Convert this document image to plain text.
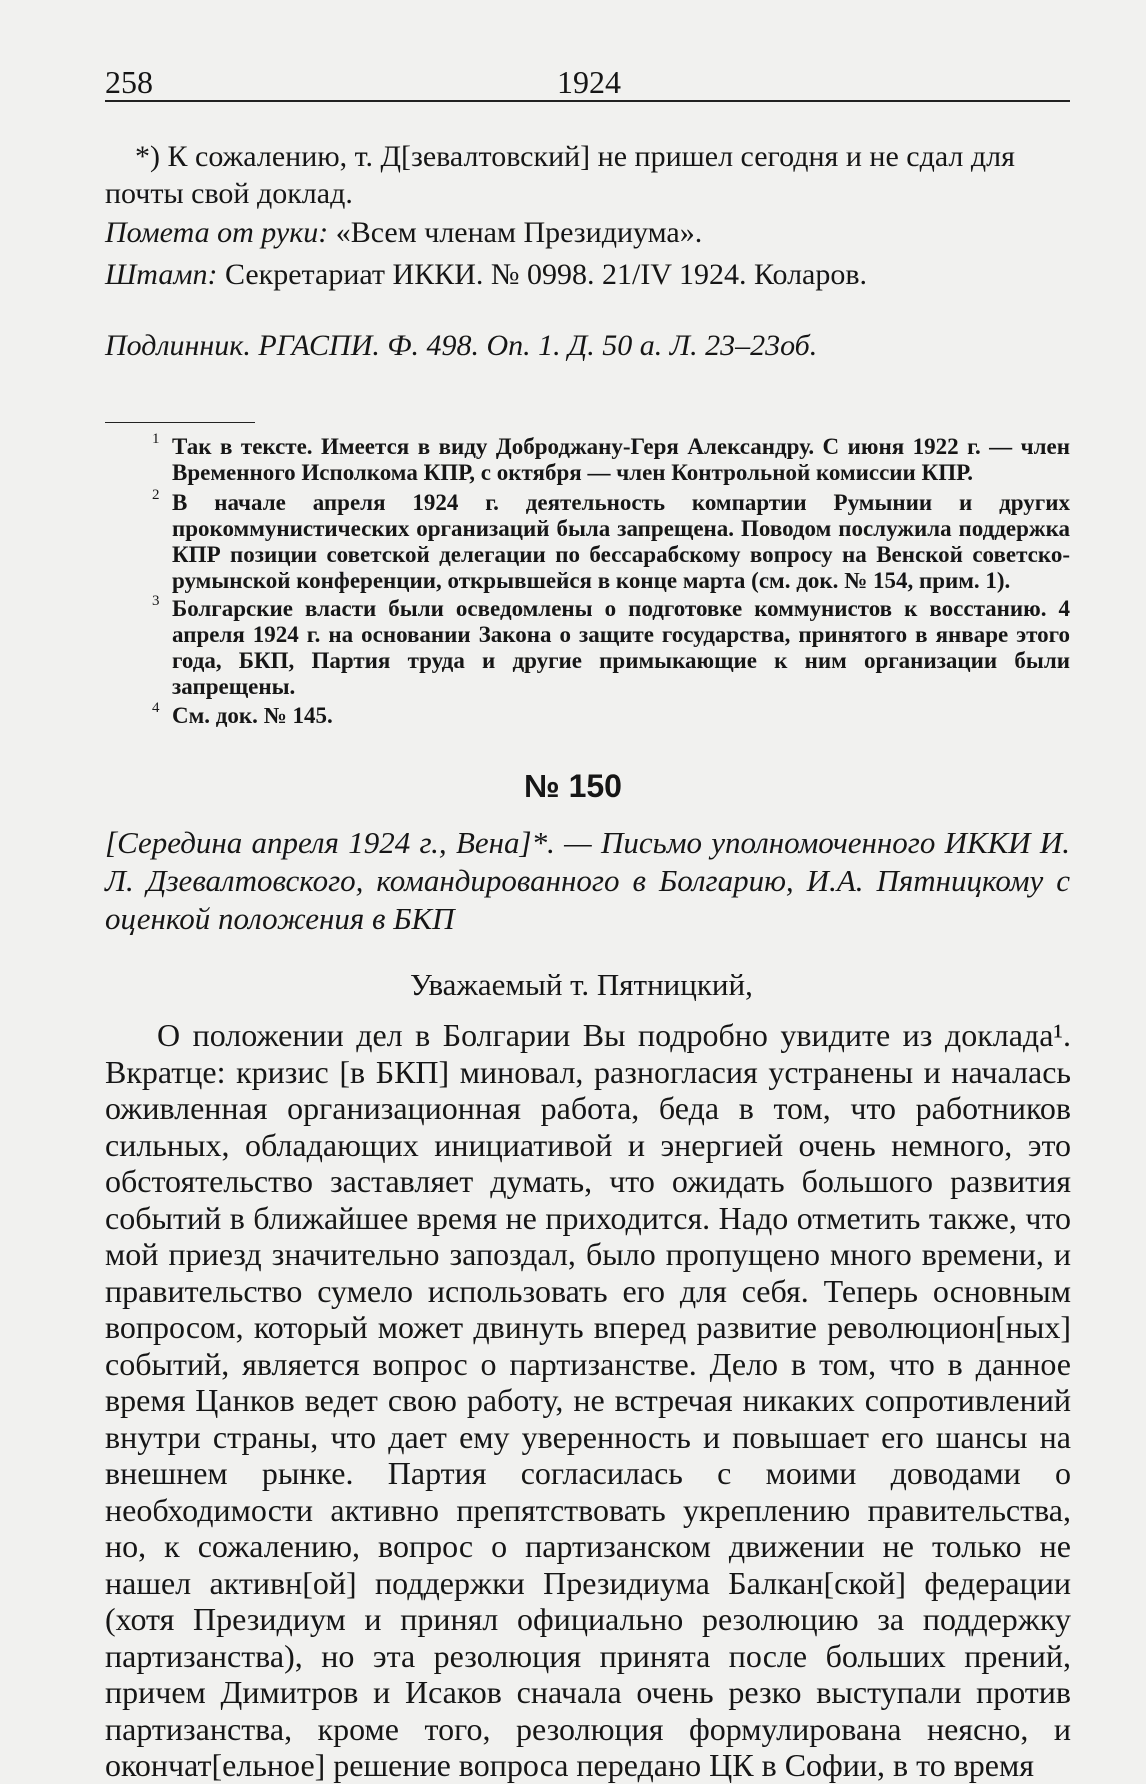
258	1924

*) К сожалению, т. Д[зевалтовский] не пришел сегодня и не сдал для почты свой доклад.

Помета от руки: «Всем членам Президиума».

Штамп: Секретариат ИККИ. № 0998. 21/IV 1924. Коларов.

Подлинник. РГАСПИ. Ф. 498. Оп. 1. Д. 50 а. Л. 23–23об.

1 Так в тексте. Имеется в виду Доброджану-Геря Александру. С июня 1922 г. — член Временного Исполкома КПР, с октября — член Контрольной комиссии КПР.
2 В начале апреля 1924 г. деятельность компартии Румынии и других прокоммунистических организаций была запрещена. Поводом послужила поддержка КПР позиции советской делегации по бессарабскому вопросу на Венской советско-румынской конференции, открывшейся в конце марта (см. док. № 154, прим. 1).
3 Болгарские власти были осведомлены о подготовке коммунистов к восстанию. 4 апреля 1924 г. на основании Закона о защите государства, принятого в январе этого года, БКП, Партия труда и другие примыкающие к ним организации были запрещены.
4 См. док. № 145.
№ 150
[Середина апреля 1924 г., Вена]*. — Письмо уполномоченного ИККИ И. Л. Дзевалтовского, командированного в Болгарию, И.А. Пятницкому с оценкой положения в БКП
Уважаемый т. Пятницкий,

О положении дел в Болгарии Вы подробно увидите из доклада¹. Вкратце: кризис [в БКП] миновал, разногласия устранены и началась оживленная организационная работа, беда в том, что работников сильных, обладающих инициативой и энергией очень немного, это обстоятельство заставляет думать, что ожидать большого развития событий в ближайшее время не приходится. Надо отметить также, что мой приезд значительно запоздал, было пропущено много времени, и правительство сумело использовать его для себя. Теперь основным вопросом, который может двинуть вперед развитие революцион[ных] событий, является вопрос о партизанстве. Дело в том, что в данное время Цанков ведет свою работу, не встречая никаких сопротивлений внутри страны, что дает ему уверенность и повышает его шансы на внешнем рынке. Партия согласилась с моими доводами о необходимости активно препятствовать укреплению правительства, но, к сожалению, вопрос о партизанском движении не только не нашел активн[ой] поддержки Президиума Балкан[ской] федерации (хотя Президиум и принял официально резолюцию за поддержку партизанства), но эта резолюция принята после больших прений, причем Димитров и Исаков сначала очень резко выступали против партизанства, кроме того, резолюция формулирована неясно, и окончат[ельное] решение вопроса передано ЦК в Софии, в то время
